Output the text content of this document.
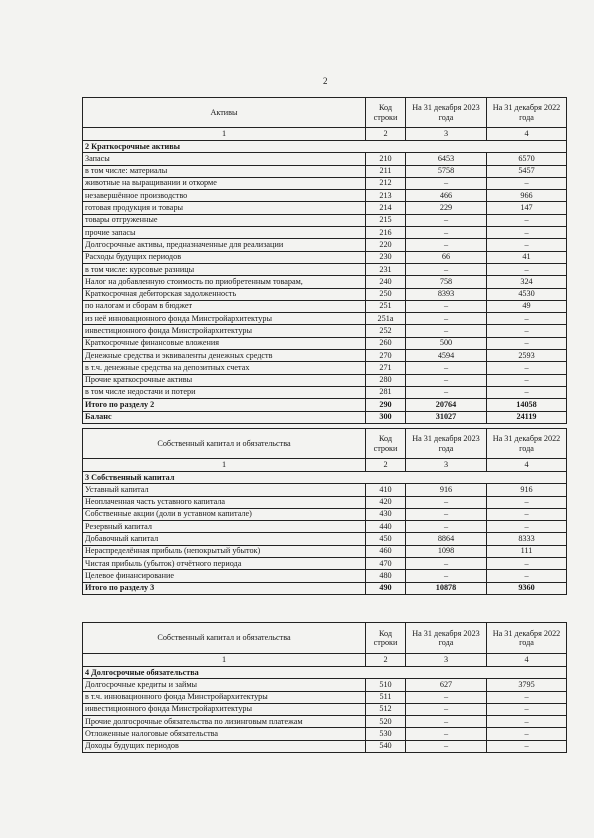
2
Активы	Код строки	На 31 декабря 2023 года	На 31 декабря 2022 года
1	2	3	4
2 Краткосрочные активы			
Запасы	210	6453	6570
в том числе: материалы	211	5758	5457
животные на выращивании и откорме	212	–	–
незавершённое производство	213	466	966
готовая продукция и товары	214	229	147
товары отгруженные	215	–	–
прочие запасы	216	–	–
Долгосрочные активы, предназначенные для реализации	220	–	–
Расходы будущих периодов	230	66	41
в том числе: курсовые разницы	231	–	–
Налог на добавленную стоимость по приобретенным товарам,	240	758	324
Краткосрочная дебиторская задолженность	250	8393	4530
по налогам и сборам в бюджет	251	–	49
из неё инновационного фонда Минстройархитектуры	251а	–	–
инвестиционного фонда Минстройархитектуры	252	–	–
Краткосрочные финансовые вложения	260	500	–
Денежные средства и эквиваленты денежных средств	270	4594	2593
в т.ч. денежные средства на депозитных счетах	271	–	–
Прочие краткосрочные активы	280	–	–
в том числе недостачи и потери	281	–	–
Итого по разделу 2	290	20764	14058
Баланс	300	31027	24119
Собственный капитал и обязательства	Код строки	На 31 декабря 2023 года	На 31 декабря 2022 года
1	2	3	4
3 Собственный капитал			
Уставный капитал	410	916	916
Неоплаченная часть уставного капитала	420	–	–
Собственные акции (доли в уставном капитале)	430	–	–
Резервный капитал	440	–	–
Добавочный капитал	450	8864	8333
Нераспределённая прибыль (непокрытый убыток)	460	1098	111
Чистая прибыль (убыток) отчётного периода	470	–	–
Целевое финансирование	480	–	–
Итого по разделу 3	490	10878	9360
Собственный капитал и обязательства	Код строки	На 31 декабря 2023 года	На 31 декабря 2022 года
1	2	3	4
4 Долгосрочные обязательства			
Долгосрочные кредиты и займы	510	627	3795
в т.ч. инновационного фонда Минстройархитектуры	511	–	–
инвестиционного фонда Минстройархитектуры	512	–	–
Прочие долгосрочные обязательства по лизинговым платежам	520	–	–
Отложенные налоговые обязательства	530	–	–
Доходы будущих периодов	540	–	–
